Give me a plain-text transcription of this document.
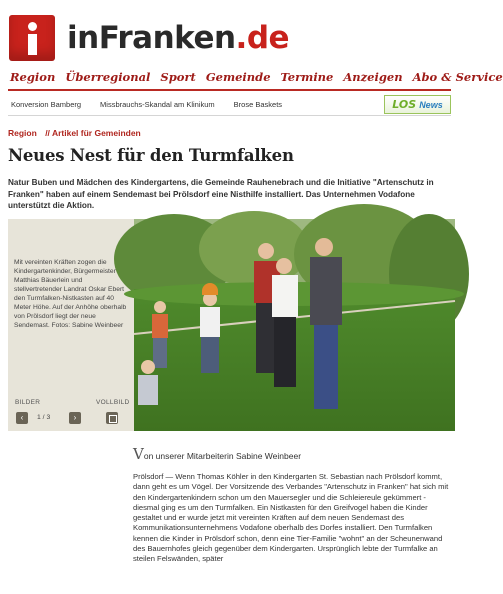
inFranken.de
Region Überregional Sport Gemeinde Termine Anzeigen Abo & Service
Konversion Bamberg	Missbrauchs-Skandal am Klinikum	Brose Baskets	LOS News
Region // Artikel für Gemeinden
Neues Nest für den Turmfalken

Natur Buben und Mädchen des Kindergartens, die Gemeinde Rauhenebrach und die Initiative "Artenschutz in Franken" haben auf einem Sendemast bei Prölsdorf eine Nisthilfe installiert. Das Unternehmen Vodafone unterstützt die Aktion.

Mit vereinten Kräften zogen die Kindergartenkinder, Bürgermeister Matthias Bäuerlein und stellvertretender Landrat Oskar Ebert den Turmfalken-Nistkasten auf 40 Meter Höhe. Auf der Anhöhe oberhalb von Prölsdorf liegt der neue Sendemast. Fotos: Sabine Weinbeer

BILDER	VOLLBILD
‹	1 / 3	›
Von unserer Mitarbeiterin Sabine Weinbeer

Prölsdorf — Wenn Thomas Köhler in den Kindergarten St. Sebastian nach Prölsdorf kommt, dann geht es um Vögel. Der Vorsitzende des Verbandes "Artenschutz in Franken" hat sich mit den Kindergartenkindern schon um den Mauersegler und die Schleiereule gekümmert - diesmal ging es um den Turmfalken. Ein Nistkasten für den Greifvogel haben die Kinder gestaltet und er wurde jetzt mit vereinten Kräften auf dem neuen Sendemast des Kommunikationsunternehmens Vodafone oberhalb des Dorfes installiert. Den Turmfalken kennen die Kinder in Prölsdorf schon, denn eine Tier-Familie "wohnt" an der Scheunenwand des Bauernhofes gleich gegenüber dem Kindergarten. Ursprünglich lebte der Turmfalke an steilen Felswänden, später
